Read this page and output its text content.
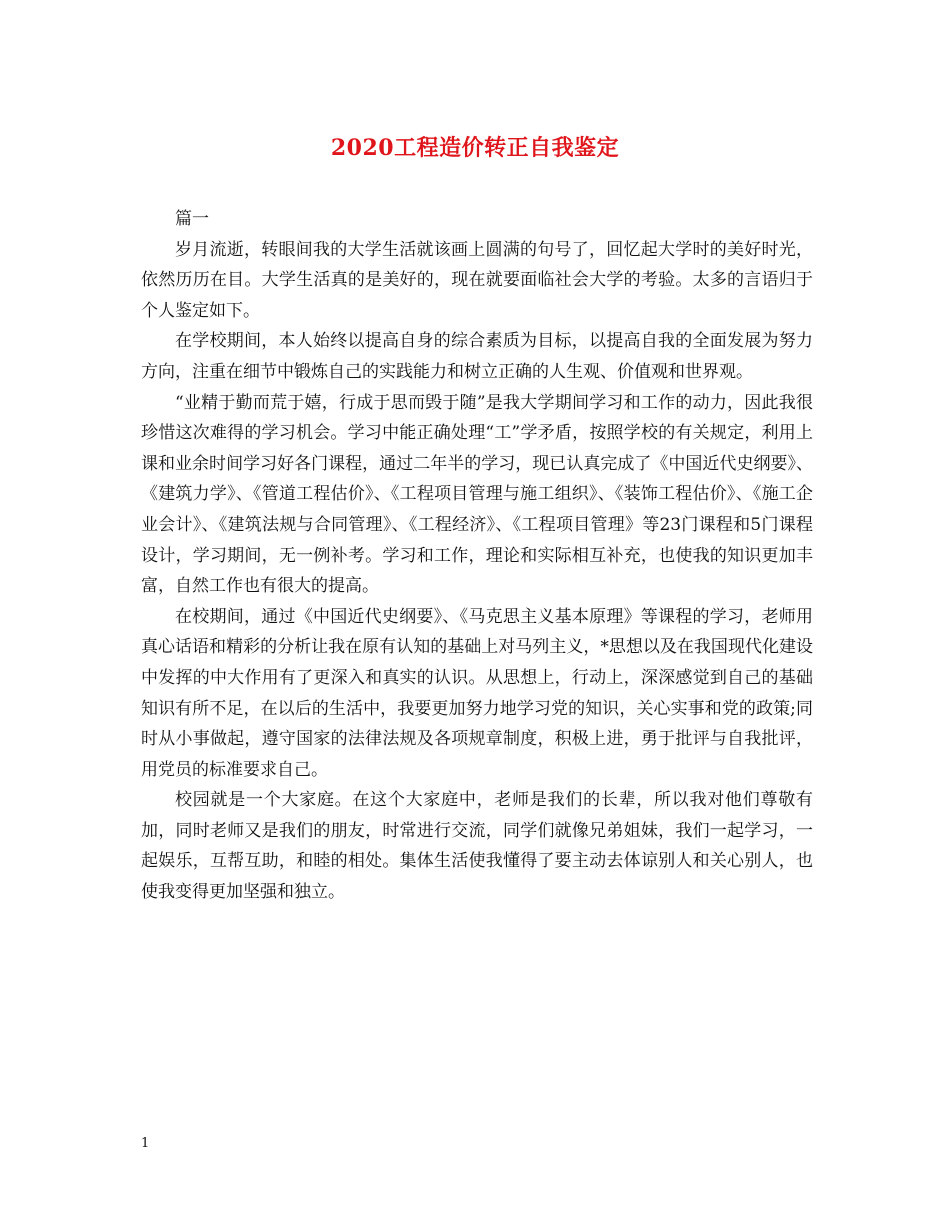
2020工程造价转正自我鉴定

篇一

岁月流逝，转眼间我的大学生活就该画上圆满的句号了，回忆起大学时的美好时光，依然历历在目。大学生活真的是美好的，现在就要面临社会大学的考验。太多的言语归于个人鉴定如下。

在学校期间，本人始终以提高自身的综合素质为目标，以提高自我的全面发展为努力方向，注重在细节中锻炼自己的实践能力和树立正确的人生观、价值观和世界观。

“业精于勤而荒于嬉，行成于思而毁于随”是我大学期间学习和工作的动力，因此我很珍惜这次难得的学习机会。学习中能正确处理“工”学矛盾，按照学校的有关规定，利用上课和业余时间学习好各门课程，通过二年半的学习，现已认真完成了《中国近代史纲要》、《建筑力学》、《管道工程估价》、《工程项目管理与施工组织》、《装饰工程估价》、《施工企业会计》、《建筑法规与合同管理》、《工程经济》、《工程项目管理》等23门课程和5门课程设计，学习期间，无一例补考。学习和工作，理论和实际相互补充，也使我的知识更加丰富，自然工作也有很大的提高。

在校期间，通过《中国近代史纲要》、《马克思主义基本原理》等课程的学习，老师用真心话语和精彩的分析让我在原有认知的基础上对马列主义，*思想以及在我国现代化建设中发挥的中大作用有了更深入和真实的认识。从思想上，行动上，深深感觉到自己的基础知识有所不足，在以后的生活中，我要更加努力地学习党的知识，关心实事和党的政策;同时从小事做起，遵守国家的法律法规及各项规章制度，积极上进，勇于批评与自我批评，用党员的标准要求自己。

校园就是一个大家庭。在这个大家庭中，老师是我们的长辈，所以我对他们尊敬有加，同时老师又是我们的朋友，时常进行交流，同学们就像兄弟姐妹，我们一起学习，一起娱乐，互帮互助，和睦的相处。集体生活使我懂得了要主动去体谅别人和关心别人，也使我变得更加坚强和独立。

1
